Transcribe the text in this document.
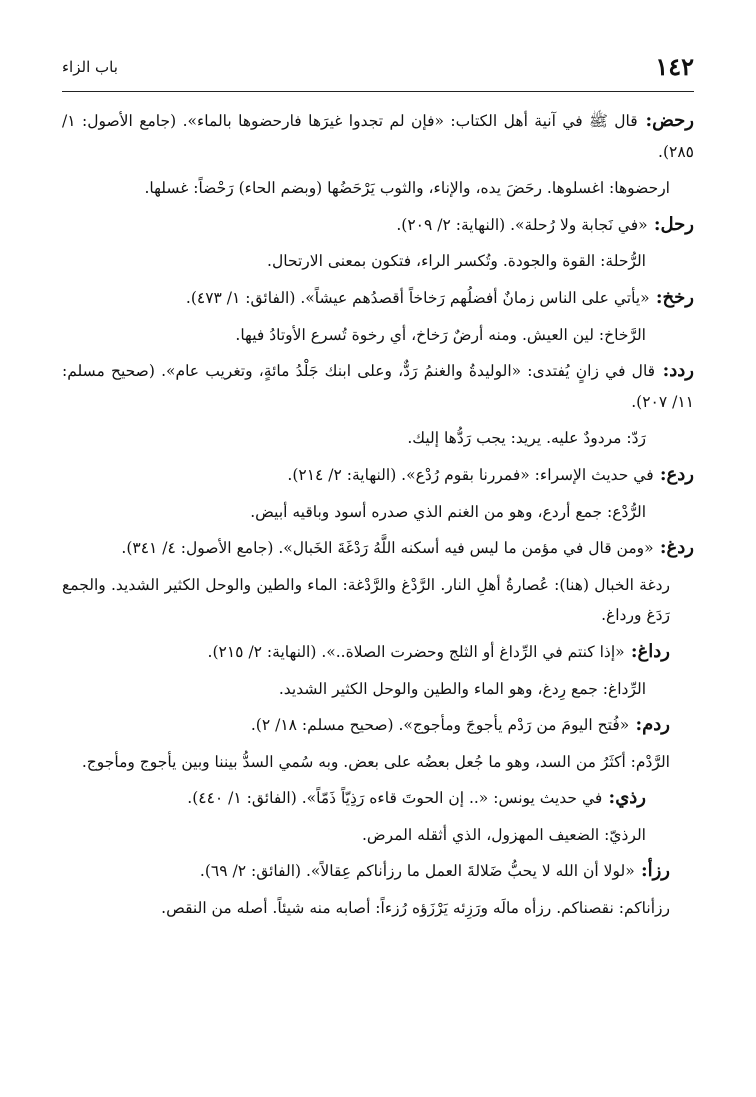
١٤٢
باب الزاء

رحض : قال ﷺ في آنية أهل الكتاب: «فإن لم تجدوا غيرَها فارحضوها بالماء». (جامع الأصول: ١/ ٢٨٥).

ارحضوها: اغسلوها. رحَضَ يده، والإناء، والثوب يَرْحَضُها (وبضم الحاء) رَحْضاً: غسلها.

رحل : «في نَجابة ولا رُحلة». (النهاية: ٢/ ٢٠٩).

الرُّحلة: القوة والجودة. وتُكسر الراء، فتكون بمعنى الارتحال.

رخخ : «يأتي على الناس زمانٌ أفضلُهم رَخاخاً أقصدُهم عيشاً». (الفائق: ١/ ٤٧٣).

الرَّخاخ: لين العيش. ومنه أرضٌ رَخاخ، أي رخوة تُسرع الأوتادُ فيها.

ردد : قال في زانٍ يُفتدى: «الوليدةُ والغنمُ رَدٌّ، وعلى ابنك جَلْدُ مائةٍ، وتغريب عام». (صحيح مسلم: ١١/ ٢٠٧).

رَدّ: مردودٌ عليه. يريد: يجب رَدُّها إليك.

ردع : في حديث الإسراء: «فمررنا بقوم رُدْع». (النهاية: ٢/ ٢١٤).

الرُّدْع: جمع أردع، وهو من الغنم الذي صدره أسود وباقيه أبيض.

ردغ : «ومن قال في مؤمن ما ليس فيه أسكنه اللَّهُ رَدْغَةَ الخَبال». (جامع الأصول: ٤/ ٣٤١).

ردغة الخبال (هنا): عُصارةُ أهلِ النار. الرَّدْغ والرَّدْغة: الماء والطين والوحل الكثير الشديد. والجمع رَدَغ ورداغ.

رداغ : «إذا كنتم في الرِّداغ أو الثلج وحضرت الصلاة..». (النهاية: ٢/ ٢١٥).

الرِّداغ: جمع رِدغ، وهو الماء والطين والوحل الكثير الشديد.

ردم : «فُتح اليومَ من رَدْم يأجوجَ ومأجوج». (صحيح مسلم: ١٨/ ٢).

الرَّدْم: أكثَرُ من السد، وهو ما جُعل بعضُه على بعض. وبه سُمي السدُّ بيننا وبين يأجوج ومأجوج.

رذي : في حديث يونس: «.. إن الحوتَ قاءه رَذِيّاً ذَمّاً». (الفائق: ١/ ٤٤٠).

الرذيّ: الضعيف المهزول، الذي أثقله المرض.

رزأ : «لولا أن الله لا يحبُّ ضَلالةَ العمل ما رزأناكم عِقالاً». (الفائق: ٢/ ٦٩).

رزأناكم: نقصناكم. رزأه مالَه ورَزِئه يَرْزَؤه رُزءاً: أصابه منه شيئاً. أصله من النقص.
